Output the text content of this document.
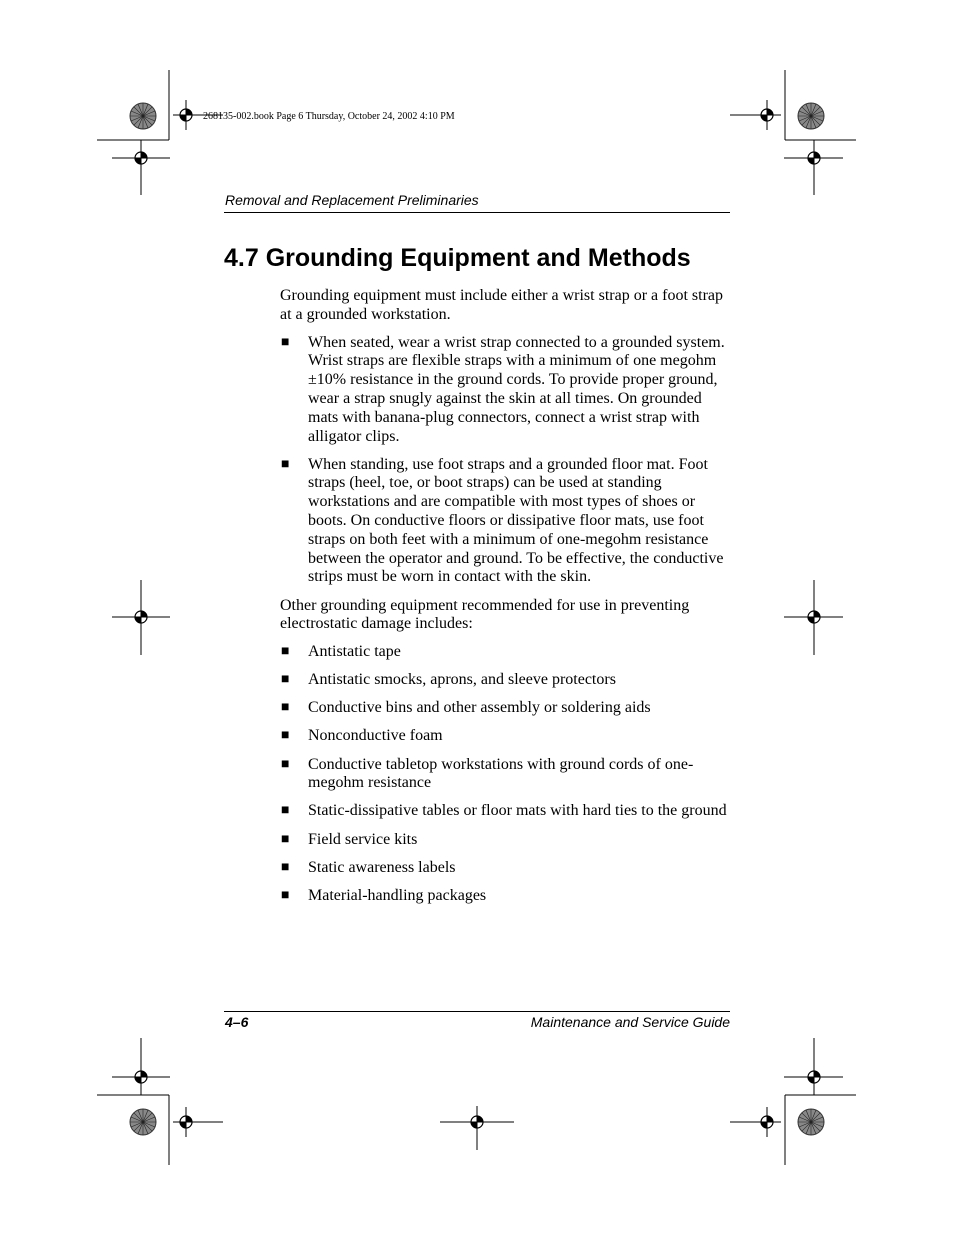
268135-002.book Page 6 Thursday, October 24, 2002 4:10 PM
Removal and Replacement Preliminaries
4.7 Grounding Equipment and Methods

Grounding equipment must include either a wrist strap or a foot strap at a grounded workstation.

■ When seated, wear a wrist strap connected to a grounded system. Wrist straps are flexible straps with a minimum of one megohm ±10% resistance in the ground cords. To provide proper ground, wear a strap snugly against the skin at all times. On grounded mats with banana-plug connectors, connect a wrist strap with alligator clips.
■ When standing, use foot straps and a grounded floor mat. Foot straps (heel, toe, or boot straps) can be used at standing workstations and are compatible with most types of shoes or boots. On conductive floors or dissipative floor mats, use foot straps on both feet with a minimum of one-megohm resistance between the operator and ground. To be effective, the conductive strips must be worn in contact with the skin.

Other grounding equipment recommended for use in preventing electrostatic damage includes:

■ Antistatic tape
■ Antistatic smocks, aprons, and sleeve protectors
■ Conductive bins and other assembly or soldering aids
■ Nonconductive foam
■ Conductive tabletop workstations with ground cords of one-megohm resistance
■ Static-dissipative tables or floor mats with hard ties to the ground
■ Field service kits
■ Static awareness labels
■ Material-handling packages
4–6	Maintenance and Service Guide
